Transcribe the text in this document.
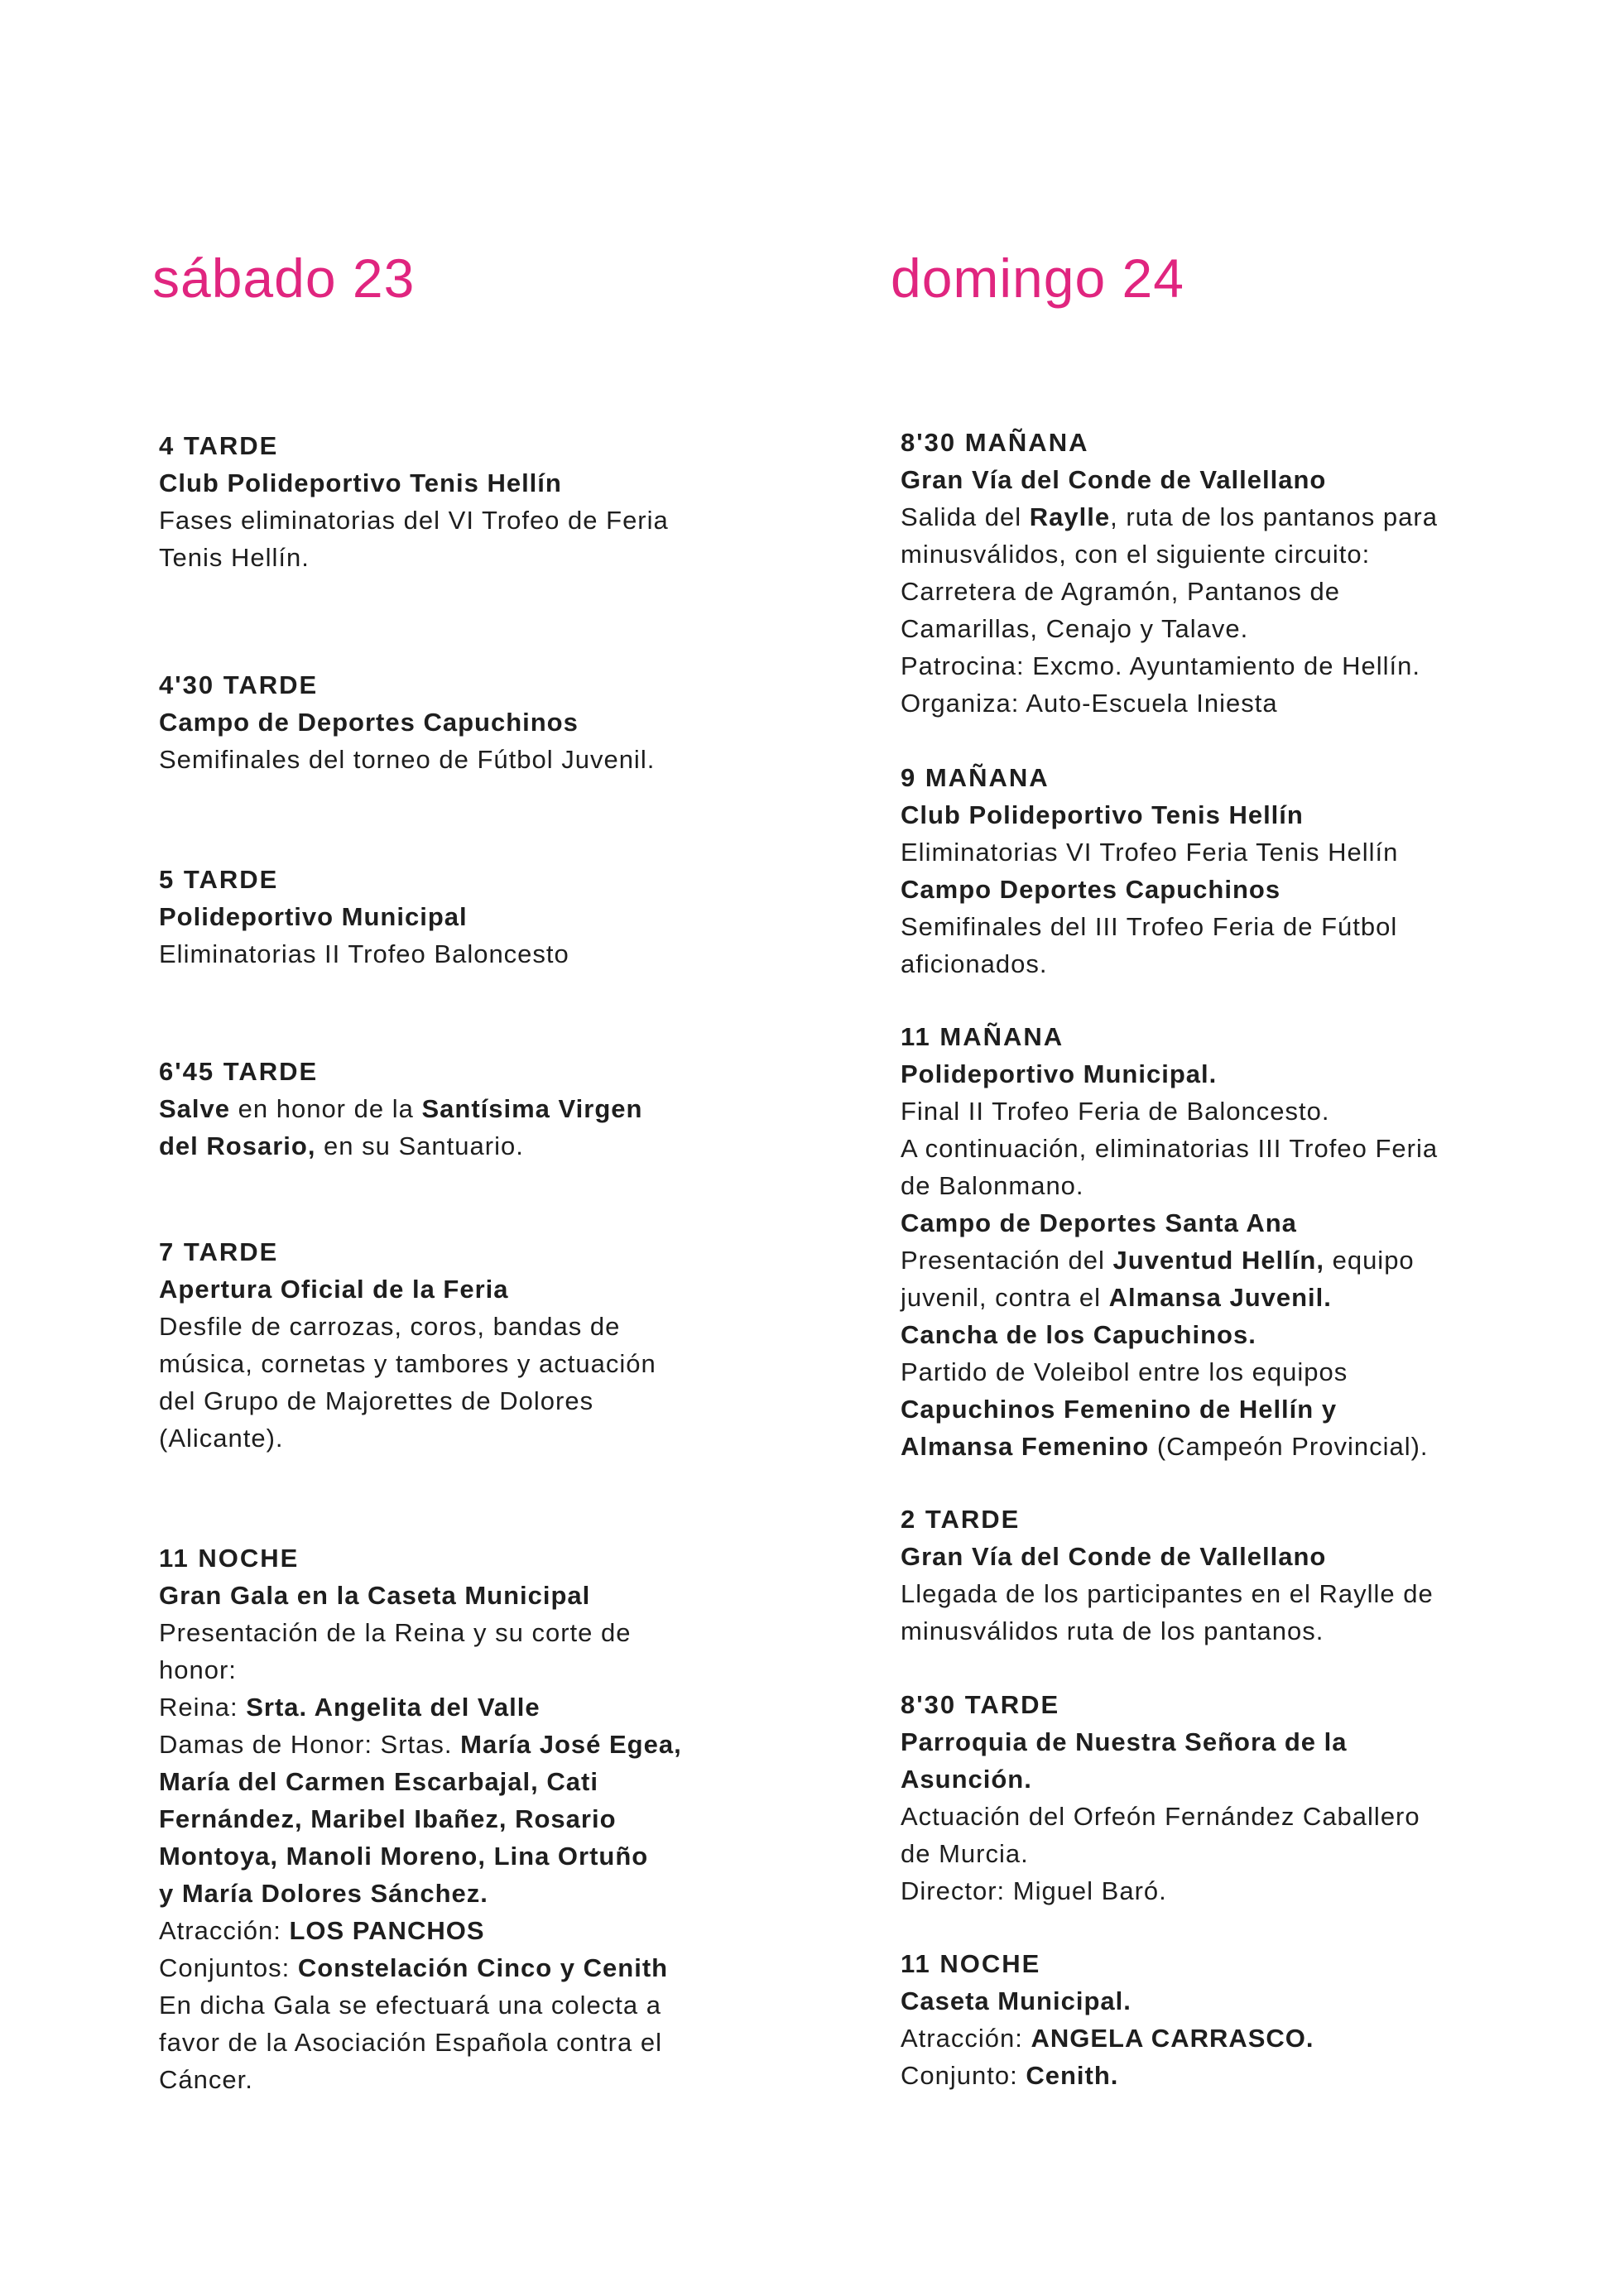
sábado 23

4 TARDE

Club Polideportivo Tenis Hellín

Fases eliminatorias del VI Trofeo de Feria

Tenis Hellín.

4'30 TARDE

Campo de Deportes Capuchinos

Semifinales del torneo de Fútbol Juvenil.

5 TARDE

Polideportivo Municipal

Eliminatorias II Trofeo Baloncesto

6'45 TARDE

Salve en honor de la Santísima Virgen

del Rosario, en su Santuario.

7 TARDE

Apertura Oficial de la Feria

Desfile de carrozas, coros, bandas de

música, cornetas y tambores y actuación

del Grupo de Majorettes de Dolores

(Alicante).

11 NOCHE

Gran Gala en la Caseta Municipal

Presentación de la Reina y su corte de

honor:

Reina: Srta. Angelita del Valle

Damas de Honor: Srtas. María José Egea,

María del Carmen Escarbajal, Cati

Fernández, Maribel Ibañez, Rosario

Montoya, Manoli Moreno, Lina Ortuño

y María Dolores Sánchez.

Atracción: LOS PANCHOS

Conjuntos: Constelación Cinco y Cenith

En dicha Gala se efectuará una colecta a

favor de la Asociación Española contra el

Cáncer.

domingo 24

8'30 MAÑANA

Gran Vía del Conde de Vallellano

Salida del Raylle, ruta de los pantanos para

minusválidos, con el siguiente circuito:

Carretera de Agramón, Pantanos de

Camarillas, Cenajo y Talave.

Patrocina: Excmo. Ayuntamiento de Hellín.

Organiza: Auto-Escuela Iniesta

9 MAÑANA

Club Polideportivo Tenis Hellín

Eliminatorias VI Trofeo Feria Tenis Hellín

Campo Deportes Capuchinos

Semifinales del III Trofeo Feria de Fútbol

aficionados.

11 MAÑANA

Polideportivo Municipal.

Final II Trofeo Feria de Baloncesto.

A continuación, eliminatorias III Trofeo Feria

de Balonmano.

Campo de Deportes Santa Ana

Presentación del Juventud Hellín, equipo

juvenil, contra el Almansa Juvenil.

Cancha de los Capuchinos.

Partido de Voleibol entre los equipos

Capuchinos Femenino de Hellín y

Almansa Femenino (Campeón Provincial).

2 TARDE

Gran Vía del Conde de Vallellano

Llegada de los participantes en el Raylle de

minusválidos ruta de los pantanos.

8'30 TARDE

Parroquia de Nuestra Señora de la

Asunción.

Actuación del Orfeón Fernández Caballero

de Murcia.

Director: Miguel Baró.

11 NOCHE

Caseta Municipal.

Atracción: ANGELA CARRASCO.

Conjunto: Cenith.
